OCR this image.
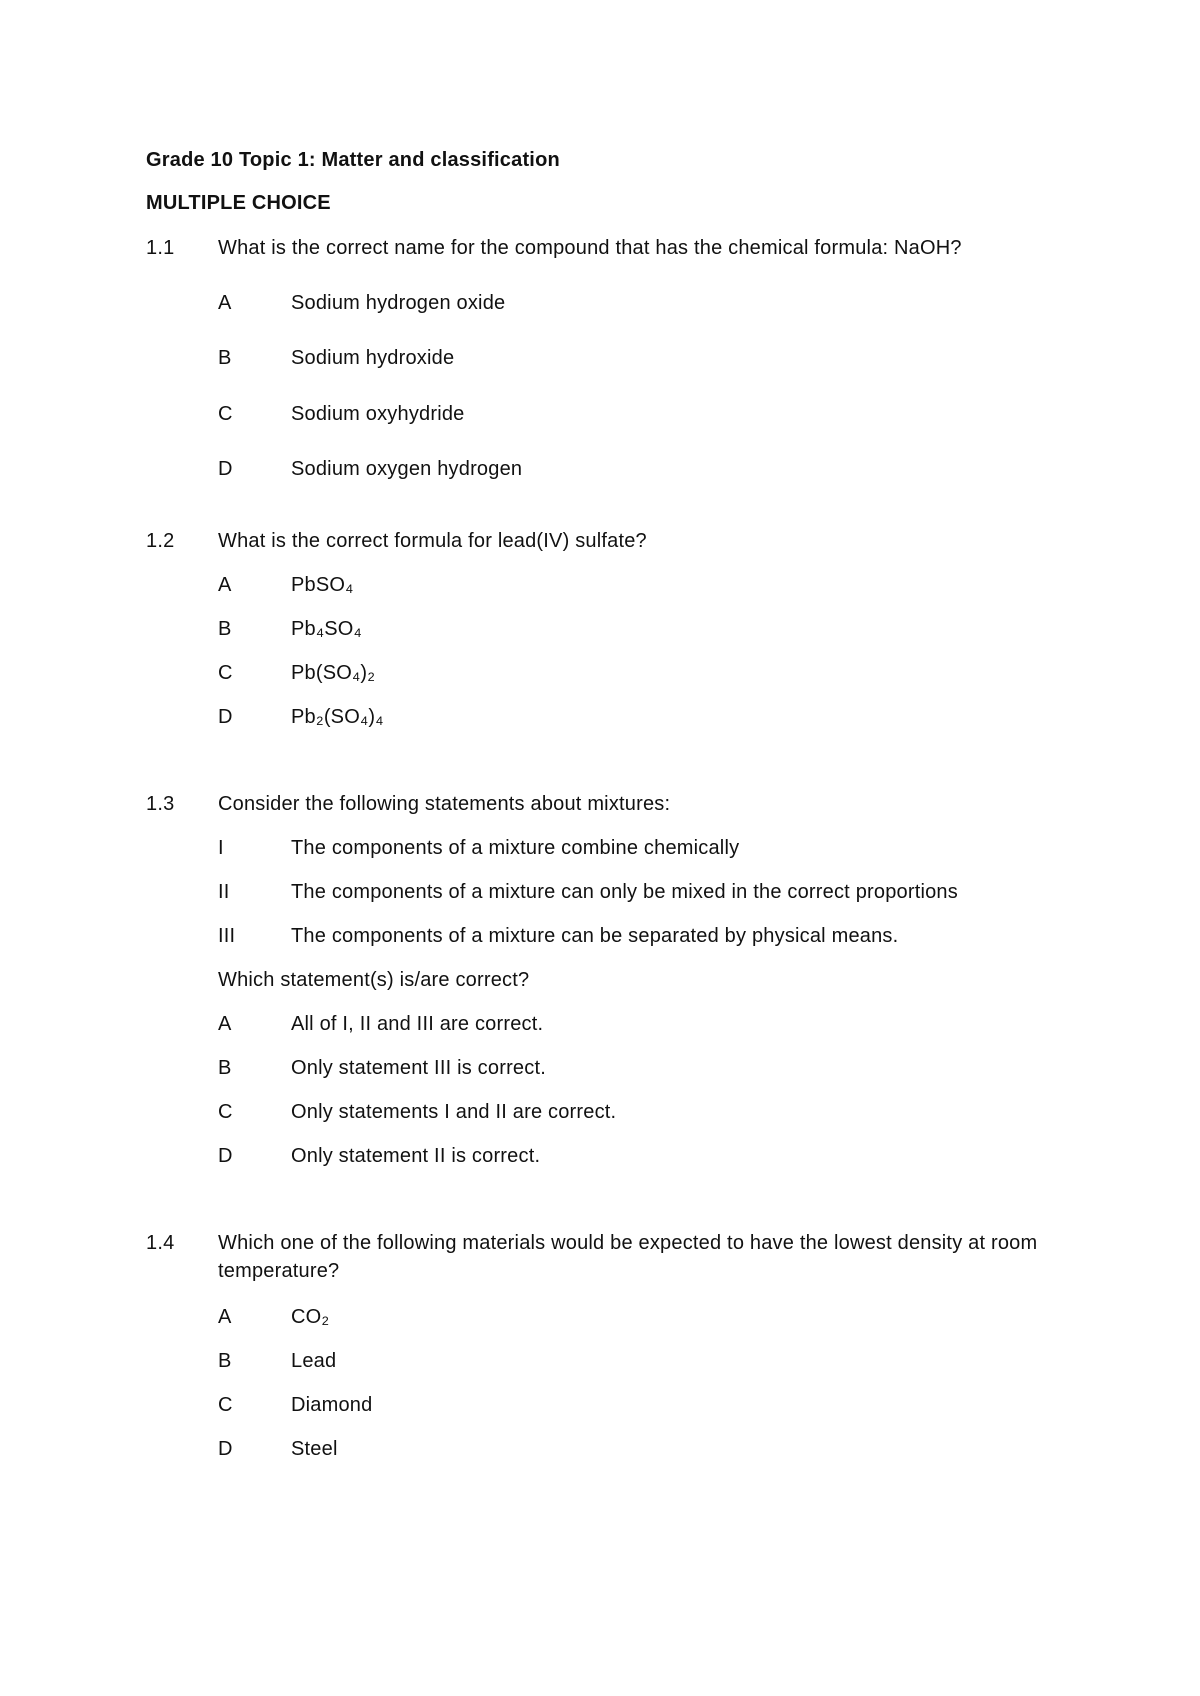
Grade 10 Topic 1: Matter and classification
MULTIPLE CHOICE
1.1 What is the correct name for the compound that has the chemical formula: NaOH?
A	Sodium hydrogen oxide
B	Sodium hydroxide
C	Sodium oxyhydride
D	Sodium oxygen hydrogen
1.2 What is the correct formula for lead(IV) sulfate?
A	PbSO₄
B	Pb₄SO₄
C	Pb(SO₄)₂
D	Pb₂(SO₄)₄
1.3 Consider the following statements about mixtures:
I	The components of a mixture combine chemically
II	The components of a mixture can only be mixed in the correct proportions
III	The components of a mixture can be separated by physical means.
Which statement(s) is/are correct?
A	All of I, II and III are correct.
B	Only statement III is correct.
C	Only statements I and II are correct.
D	Only statement II is correct.
1.4 Which one of the following materials would be expected to have the lowest density at room temperature?
A	CO₂
B	Lead
C	Diamond
D	Steel
